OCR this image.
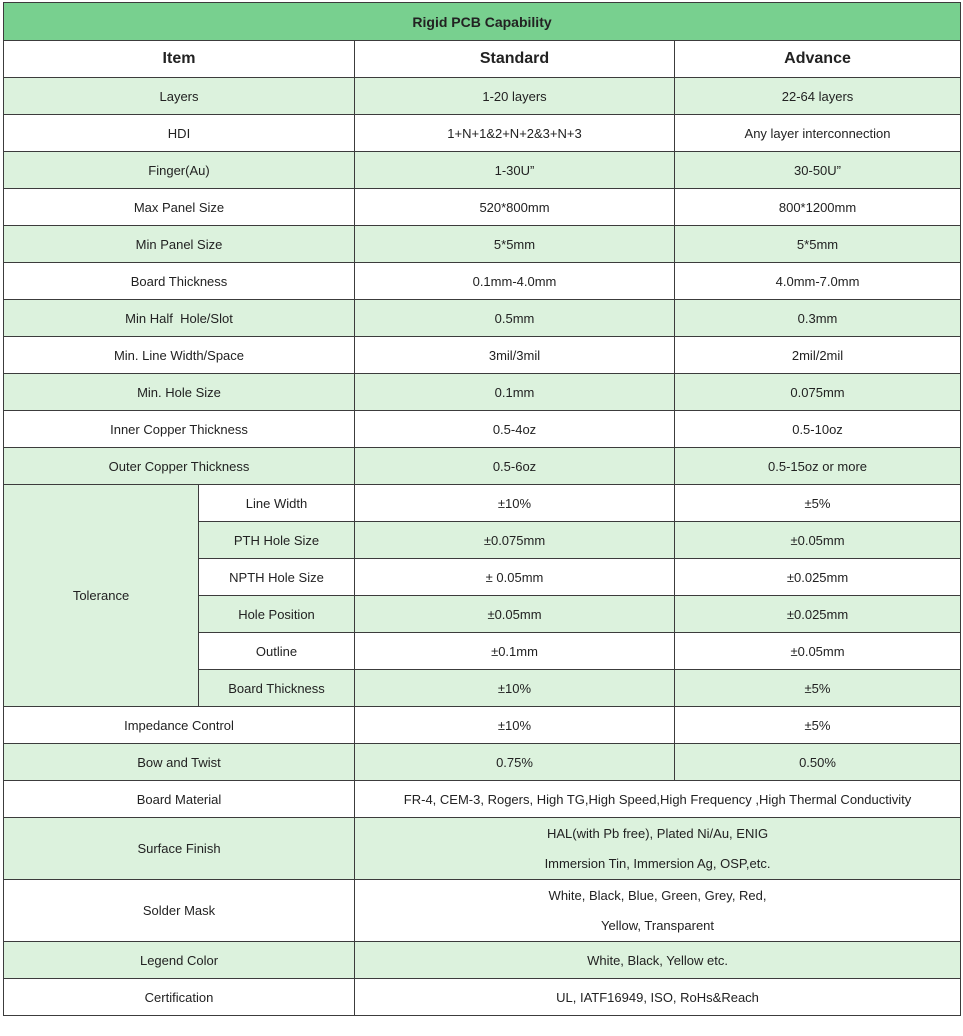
Rigid PCB Capability			
Item		Standard	Advance
Layers		1-20 layers	22-64 layers
HDI		1+N+1&2+N+2&3+N+3	Any layer interconnection
Finger(Au)		1-30U”	30-50U”
Max Panel Size		520*800mm	800*1200mm
Min Panel Size		5*5mm	5*5mm
Board Thickness		0.1mm-4.0mm	4.0mm-7.0mm
Min Half  Hole/Slot		0.5mm	0.3mm
Min. Line Width/Space		3mil/3mil	2mil/2mil
Min. Hole Size		0.1mm	0.075mm
Inner Copper Thickness		0.5-4oz	0.5-10oz
Outer Copper Thickness		0.5-6oz	0.5-15oz or more
Tolerance	Line Width	±10%	±5%
	PTH Hole Size	±0.075mm	±0.05mm
	NPTH Hole Size	± 0.05mm	±0.025mm
	Hole Position	±0.05mm	±0.025mm
	Outline	±0.1mm	±0.05mm
	Board Thickness	±10%	±5%
Impedance Control		±10%	±5%
Bow and Twist		0.75%	0.50%
Board Material		FR-4, CEM-3, Rogers, High TG,High Speed,High Frequency ,High Thermal Conductivity	
Surface Finish		HAL(with Pb free), Plated Ni/Au, ENIG
Immersion Tin, Immersion Ag, OSP,etc.	

Solder Mask		White, Black, Blue, Green, Grey, Red,
Yellow, Transparent	

Legend Color		White, Black, Yellow etc.	
Certification		UL, IATF16949, ISO, RoHs&Reach	
